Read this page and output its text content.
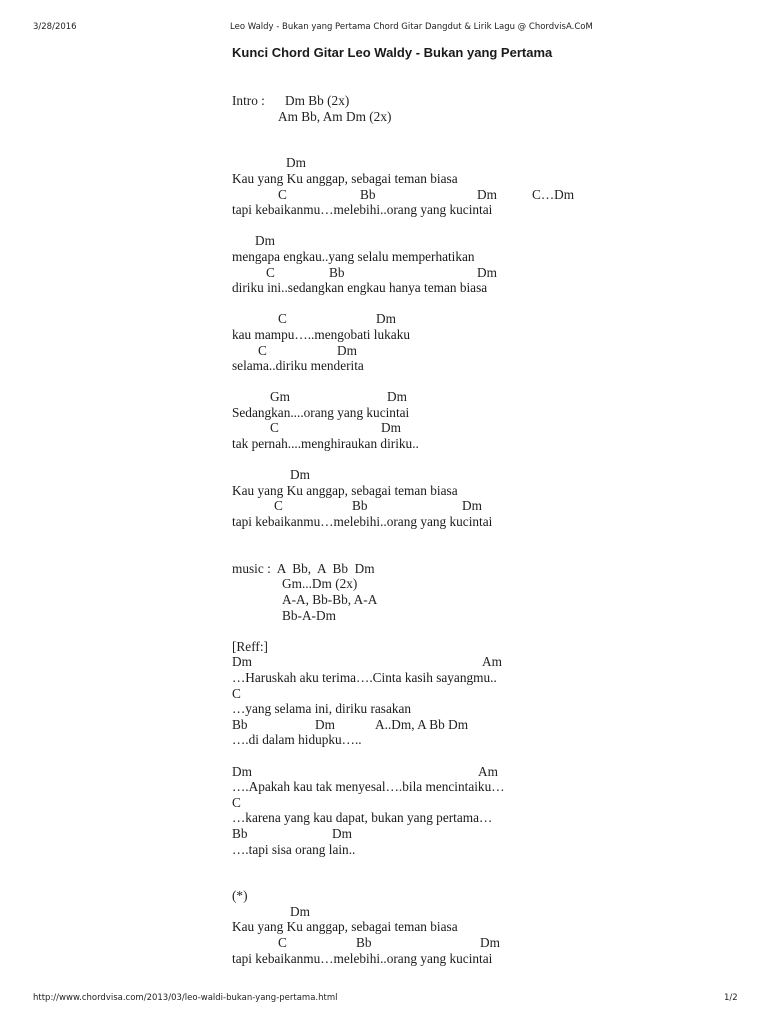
3/28/2016	Leo Waldy - Bukan yang Pertama Chord Gitar Dangdut & Lirik Lagu @ ChordvisA.CoM
Kunci Chord Gitar Leo Waldy - Bukan yang Pertama
Intro : Dm Bb (2x)
Am Bb, Am Dm (2x)
Dm
Kau yang Ku anggap, sebagai teman biasa
C	Bb	Dm	C…Dm
tapi kebaikanmu…melebihi..orang yang kucintai
Dm
mengapa engkau..yang selalu memperhatikan
C	Bb	Dm
diriku ini..sedangkan engkau hanya teman biasa
C	Dm
kau mampu…..mengobati lukaku
C	Dm
selama..diriku menderita
Gm	Dm
Sedangkan....orang yang kucintai
C	Dm
tak pernah....menghiraukan diriku..
Dm
Kau yang Ku anggap, sebagai teman biasa
C	Bb	Dm
tapi kebaikanmu…melebihi..orang yang kucintai
music :  A  Bb,  A  Bb  Dm
Gm...Dm (2x)
A-A, Bb-Bb, A-A
Bb-A-Dm
[Reff:]
Dm	Am
…Haruskah aku terima….Cinta kasih sayangmu..
C
…yang selama ini, diriku rasakan
Bb	Dm	A..Dm, A Bb Dm
….di dalam hidupku…..
Dm	Am
….Apakah kau tak menyesal….bila mencintaiku…
C
…karena yang kau dapat, bukan yang pertama…
Bb	Dm
….tapi sisa orang lain..
(*)
Dm
Kau yang Ku anggap, sebagai teman biasa
C	Bb	Dm
tapi kebaikanmu…melebihi..orang yang kucintai
http://www.chordvisa.com/2013/03/leo-waldi-bukan-yang-pertama.html	1/2
